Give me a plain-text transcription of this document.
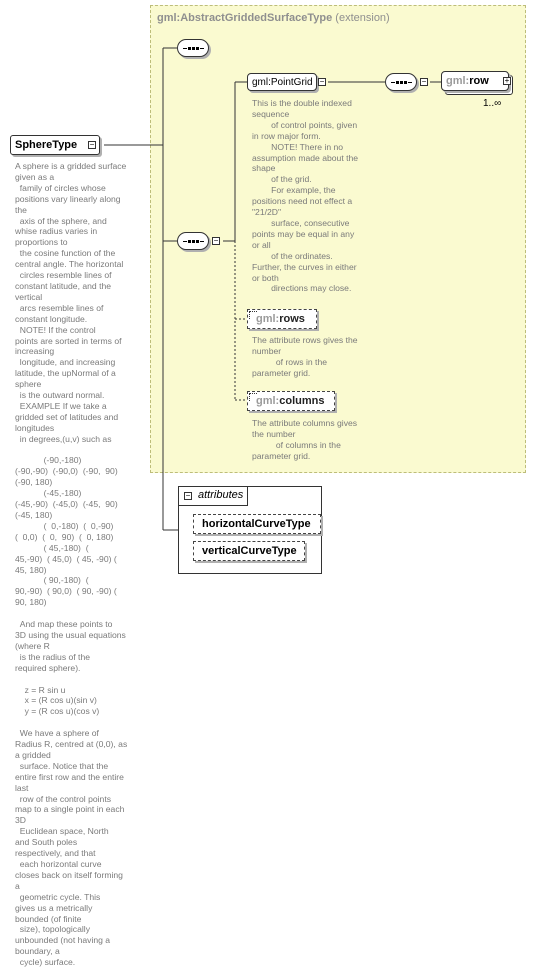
gml:AbstractGriddedSurfaceType (extension)
SphereType −
−
gml:PointGrid −
This is the double indexed
sequence
of control points, given
in row major form.
NOTE! There in no
assumption made about the
shape
of the grid.
For example, the
positions need not effect a
"21/2D"
surface, consecutive
points may be equal in any
or all
of the ordinates.
Further, the curves in either
or both
directions may close.
− gml: row +
1..∞
gml: rows
The attribute rows gives the
number
of rows in the
parameter grid.
gml: columns
The attribute columns gives
the number
of columns in the
parameter grid.
− attributes
horizontalCurveType
verticalCurveType
A sphere is a gridded surface
given as a
family of circles whose
positions vary linearly along
the
axis of the sphere, and
whise radius varies in
proportions to
the cosine function of the
central angle. The horizontal
circles resemble lines of
constant latitude, and the
vertical
arcs resemble lines of
constant longitude.
NOTE! If the control
points are sorted in terms of
increasing
longitude, and increasing
latitude, the upNormal of a
sphere
is the outward normal.
EXAMPLE If we take a
gridded set of latitudes and
longitudes
in degrees,(u,v) such as

(-90,-180)
(-90,-90)  (-90,0)  (-90,  90)
(-90, 180)
(-45,-180)
(-45,-90)  (-45,0)  (-45,  90)
(-45, 180)
(  0,-180)  (  0,-90)
(  0,0)  (  0,  90)  (  0, 180)
( 45,-180)  (
45,-90)  ( 45,0)  ( 45, -90) (
45, 180)
( 90,-180)  (
90,-90)  ( 90,0)  ( 90, -90) (
90, 180)

And map these points to
3D using the usual equations
(where R
is the radius of the
required sphere).

z = R sin u
x = (R cos u)(sin v)
y = (R cos u)(cos v)

We have a sphere of
Radius R, centred at (0,0), as
a gridded
surface. Notice that the
entire first row and the entire
last
row of the control points
map to a single point in each
3D
Euclidean space, North
and South poles
respectively, and that
each horizontal curve
closes back on itself forming
a
geometric cycle. This
gives us a metrically
bounded (of finite
size), topologically
unbounded (not having a
boundary, a
cycle) surface.
